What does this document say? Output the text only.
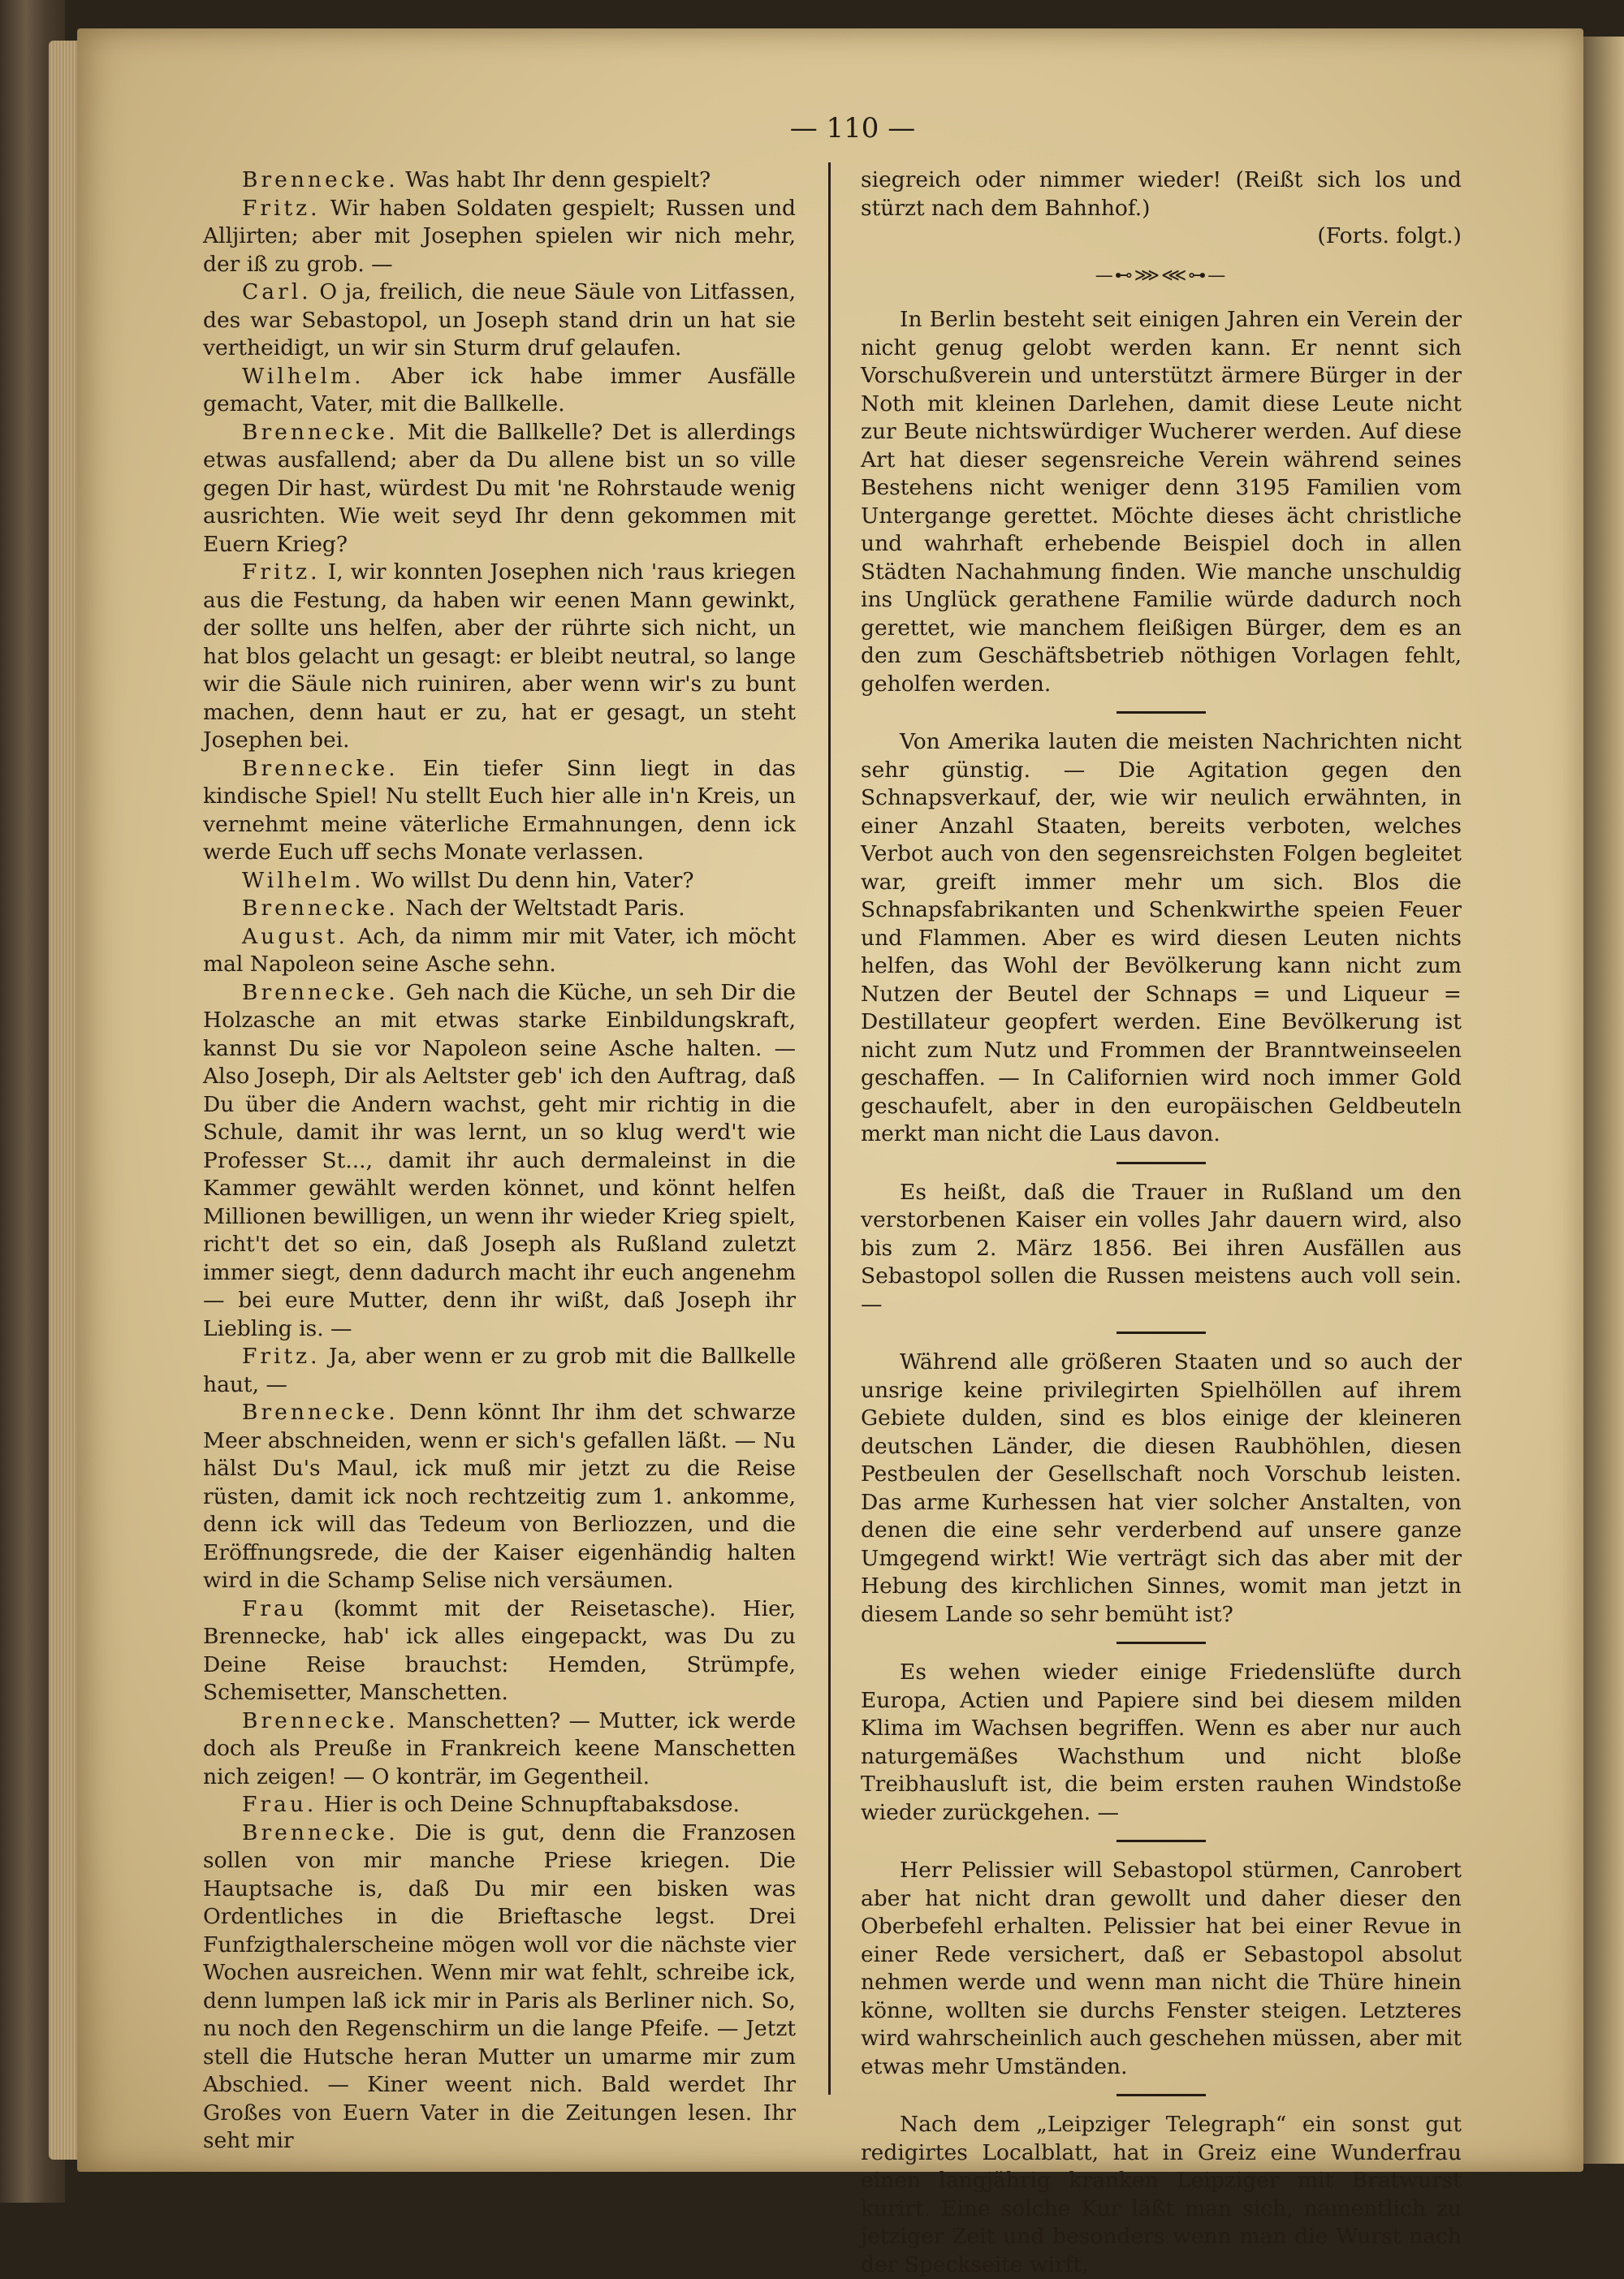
— 110 —
Brennecke. Was habt Ihr denn gespielt?
Fritz. Wir haben Soldaten gespielt; Russen und Alljirten; aber mit Josephen spielen wir nich mehr, der iß zu grob. —
Carl. O ja, freilich, die neue Säule von Litfassen, des war Sebastopol, un Joseph stand drin un hat sie vertheidigt, un wir sin Sturm druf gelaufen.
Wilhelm. Aber ick habe immer Ausfälle gemacht, Vater, mit die Ballkelle.
Brennecke. Mit die Ballkelle? Det is allerdings etwas ausfallend; aber da Du allene bist un so ville gegen Dir hast, würdest Du mit 'ne Rohrstaude wenig ausrichten. Wie weit seyd Ihr denn gekommen mit Euern Krieg?
Fritz. I, wir konnten Josephen nich 'raus kriegen aus die Festung, da haben wir eenen Mann gewinkt, der sollte uns helfen, aber der rührte sich nicht, un hat blos gelacht un gesagt: er bleibt neutral, so lange wir die Säule nich ruiniren, aber wenn wir's zu bunt machen, denn haut er zu, hat er gesagt, un steht Josephen bei.
Brennecke. Ein tiefer Sinn liegt in das kindische Spiel! Nu stellt Euch hier alle in'n Kreis, un vernehmt meine väterliche Ermahnungen, denn ick werde Euch uff sechs Monate verlassen.
Wilhelm. Wo willst Du denn hin, Vater?
Brennecke. Nach der Weltstadt Paris.
August. Ach, da nimm mir mit Vater, ich möcht mal Napoleon seine Asche sehn.
Brennecke. Geh nach die Küche, un seh Dir die Holzasche an mit etwas starke Einbildungskraft, kannst Du sie vor Napoleon seine Asche halten. — Also Joseph, Dir als Aeltster geb' ich den Auftrag, daß Du über die Andern wachst, geht mir richtig in die Schule, damit ihr was lernt, un so klug werd't wie Professer St..., damit ihr auch dermaleinst in die Kammer gewählt werden könnet, und könnt helfen Millionen bewilligen, un wenn ihr wieder Krieg spielt, richt't det so ein, daß Joseph als Rußland zuletzt immer siegt, denn dadurch macht ihr euch angenehm — bei eure Mutter, denn ihr wißt, daß Joseph ihr Liebling is. —
Fritz. Ja, aber wenn er zu grob mit die Ballkelle haut, —
Brennecke. Denn könnt Ihr ihm det schwarze Meer abschneiden, wenn er sich's gefallen läßt. — Nu hälst Du's Maul, ick muß mir jetzt zu die Reise rüsten, damit ick noch rechtzeitig zum 1. ankomme, denn ick will das Tedeum von Berliozzen, und die Eröffnungsrede, die der Kaiser eigenhändig halten wird in die Schamp Selise nich versäumen.
Frau (kommt mit der Reisetasche). Hier, Brennecke, hab' ick alles eingepackt, was Du zu Deine Reise brauchst: Hemden, Strümpfe, Schemisetter, Manschetten.
Brennecke. Manschetten? — Mutter, ick werde doch als Preuße in Frankreich keene Manschetten nich zeigen! — O konträr, im Gegentheil.
Frau. Hier is och Deine Schnupftabaksdose.
Brennecke. Die is gut, denn die Franzosen sollen von mir manche Priese kriegen. Die Hauptsache is, daß Du mir een bisken was Ordentliches in die Brieftasche legst. Drei Funfzigthalerscheine mögen woll vor die nächste vier Wochen ausreichen. Wenn mir wat fehlt, schreibe ick, denn lumpen laß ick mir in Paris als Berliner nich. So, nu noch den Regenschirm un die lange Pfeife. — Jetzt stell die Hutsche heran Mutter un umarme mir zum Abschied. — Kiner weent nich. Bald werdet Ihr Großes von Euern Vater in die Zeitungen lesen. Ihr seht mir
siegreich oder nimmer wieder! (Reißt sich los und stürzt nach dem Bahnhof.)
(Forts. folgt.)
—⊷⋙⋘⊶—
In Berlin besteht seit einigen Jahren ein Verein der nicht genug gelobt werden kann. Er nennt sich Vorschußverein und unterstützt ärmere Bürger in der Noth mit kleinen Darlehen, damit diese Leute nicht zur Beute nichtswürdiger Wucherer werden. Auf diese Art hat dieser segensreiche Verein während seines Bestehens nicht weniger denn 3195 Familien vom Untergange gerettet. Möchte dieses ächt christliche und wahrhaft erhebende Beispiel doch in allen Städten Nachahmung finden. Wie manche unschuldig ins Unglück gerathene Familie würde dadurch noch gerettet, wie manchem fleißigen Bürger, dem es an den zum Geschäftsbetrieb nöthigen Vorlagen fehlt, geholfen werden.
Von Amerika lauten die meisten Nachrichten nicht sehr günstig. — Die Agitation gegen den Schnapsverkauf, der, wie wir neulich erwähnten, in einer Anzahl Staaten, bereits verboten, welches Verbot auch von den segensreichsten Folgen begleitet war, greift immer mehr um sich. Blos die Schnapsfabrikanten und Schenkwirthe speien Feuer und Flammen. Aber es wird diesen Leuten nichts helfen, das Wohl der Bevölkerung kann nicht zum Nutzen der Beutel der Schnaps = und Liqueur = Destillateur geopfert werden. Eine Bevölkerung ist nicht zum Nutz und Frommen der Branntweinseelen geschaffen. — In Californien wird noch immer Gold geschaufelt, aber in den europäischen Geldbeuteln merkt man nicht die Laus davon.
Es heißt, daß die Trauer in Rußland um den verstorbenen Kaiser ein volles Jahr dauern wird, also bis zum 2. März 1856. Bei ihren Ausfällen aus Sebastopol sollen die Russen meistens auch voll sein. —
Während alle größeren Staaten und so auch der unsrige keine privilegirten Spielhöllen auf ihrem Gebiete dulden, sind es blos einige der kleineren deutschen Länder, die diesen Raubhöhlen, diesen Pestbeulen der Gesellschaft noch Vorschub leisten. Das arme Kurhessen hat vier solcher Anstalten, von denen die eine sehr verderbend auf unsere ganze Umgegend wirkt! Wie verträgt sich das aber mit der Hebung des kirchlichen Sinnes, womit man jetzt in diesem Lande so sehr bemüht ist?
Es wehen wieder einige Friedenslüfte durch Europa, Actien und Papiere sind bei diesem milden Klima im Wachsen begriffen. Wenn es aber nur auch naturgemäßes Wachsthum und nicht bloße Treibhausluft ist, die beim ersten rauhen Windstoße wieder zurückgehen. —
Herr Pelissier will Sebastopol stürmen, Canrobert aber hat nicht dran gewollt und daher dieser den Oberbefehl erhalten. Pelissier hat bei einer Revue in einer Rede versichert, daß er Sebastopol absolut nehmen werde und wenn man nicht die Thüre hinein könne, wollten sie durchs Fenster steigen. Letzteres wird wahrscheinlich auch geschehen müssen, aber mit etwas mehr Umständen.
Nach dem „Leipziger Telegraph“ ein sonst gut redigirtes Localblatt, hat in Greiz eine Wunderfrau einen langjährig kranken Leipziger mit Bratwurst kurirt. Eine solche Kur läßt man sich, namentlich zu jetziger Zeit und besonders wenn man die Wurst nach der Speckseite wirft,
